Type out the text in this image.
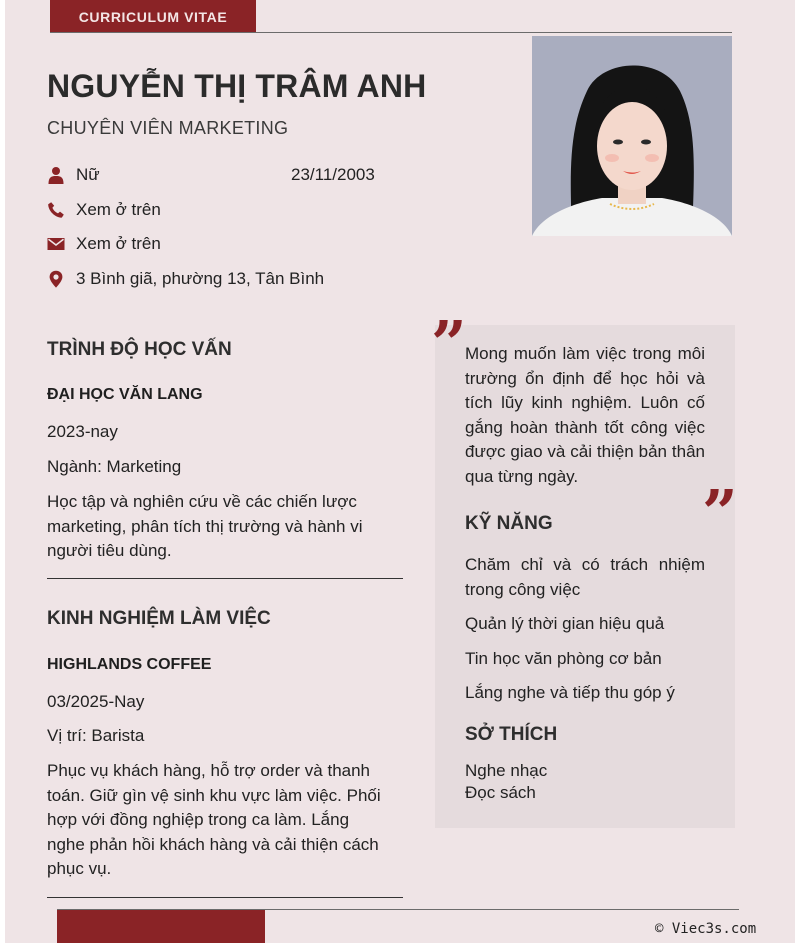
CURRICULUM VITAE
NGUYỄN THỊ TRÂM ANH
CHUYÊN VIÊN MARKETING
Nữ	23/11/2003
Xem ở trên
Xem ở trên
3 Bình giã, phường 13, Tân Bình
TRÌNH ĐỘ HỌC VẤN
ĐẠI HỌC VĂN LANG
2023-nay
Ngành: Marketing
Học tập và nghiên cứu về các chiến lược
marketing, phân tích thị trường và hành vi
người tiêu dùng.
KINH NGHIỆM LÀM VIỆC
HIGHLANDS COFFEE
03/2025-Nay
Vị trí: Barista
Phục vụ khách hàng, hỗ trợ order và thanh
toán. Giữ gìn vệ sinh khu vực làm việc. Phối
hợp với đồng nghiệp trong ca làm. Lắng
nghe phản hồi khách hàng và cải thiện cách
phục vụ.
”
”
Mong muốn làm việc trong môi
trường ổn định để học hỏi và
tích lũy kinh nghiệm. Luôn cố
gắng hoàn thành tốt công việc
được giao và cải thiện bản thân
qua từng ngày.
KỸ NĂNG
Chăm chỉ và có trách nhiệm
trong công việc
Quản lý thời gian hiệu quả
Tin học văn phòng cơ bản
Lắng nghe và tiếp thu góp ý
SỞ THÍCH
Nghe nhạc
Đọc sách
© Viec3s.com
